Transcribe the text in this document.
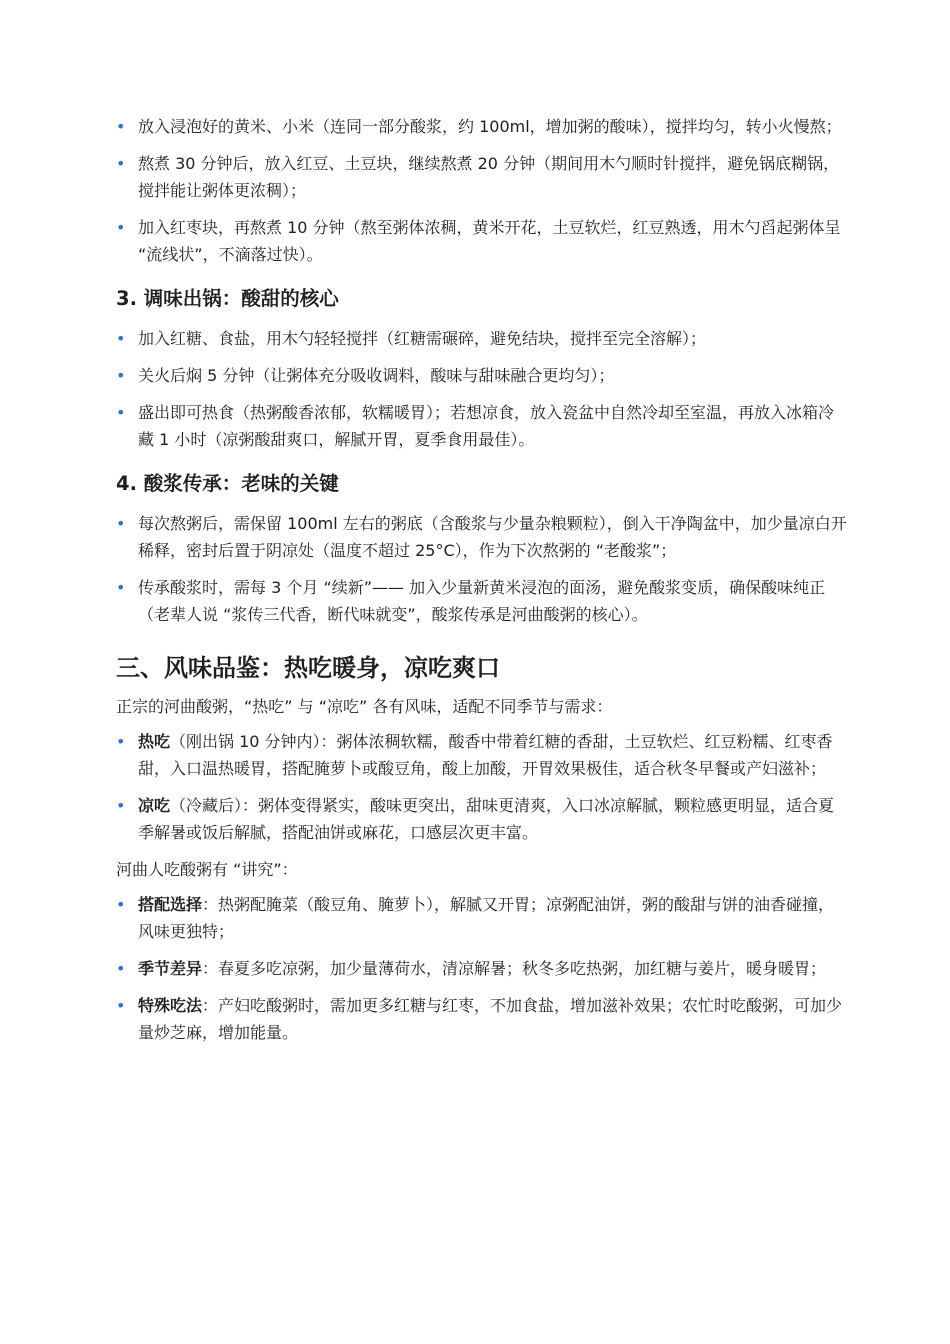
• 放入浸泡好的黄米、小米（连同一部分酸浆，约 100ml，增加粥的酸味），搅拌均匀，转小火慢熬；
• 熬煮 30 分钟后，放入红豆、土豆块，继续熬煮 20 分钟（期间用木勺顺时针搅拌，避免锅底糊锅，搅拌能让粥体更浓稠）；
• 加入红枣块，再熬煮 10 分钟（熬至粥体浓稠，黄米开花，土豆软烂，红豆熟透，用木勺舀起粥体呈 “流线状”，不滴落过快）。
3. 调味出锅：酸甜的核心
• 加入红糖、食盐，用木勺轻轻搅拌（红糖需碾碎，避免结块，搅拌至完全溶解）；
• 关火后焖 5 分钟（让粥体充分吸收调料，酸味与甜味融合更均匀）；
• 盛出即可热食（热粥酸香浓郁，软糯暖胃）；若想凉食，放入瓷盆中自然冷却至室温，再放入冰箱冷藏 1 小时（凉粥酸甜爽口，解腻开胃，夏季食用最佳）。
4. 酸浆传承：老味的关键
• 每次熬粥后，需保留 100ml 左右的粥底（含酸浆与少量杂粮颗粒），倒入干净陶盆中，加少量凉白开稀释，密封后置于阴凉处（温度不超过 25°C），作为下次熬粥的 “老酸浆”；
• 传承酸浆时，需每 3 个月 “续新”—— 加入少量新黄米浸泡的面汤，避免酸浆变质，确保酸味纯正（老辈人说 “浆传三代香，断代味就变”，酸浆传承是河曲酸粥的核心）。
三、风味品鉴：热吃暖身，凉吃爽口

正宗的河曲酸粥，“热吃” 与 “凉吃” 各有风味，适配不同季节与需求：

• 热吃（刚出锅 10 分钟内）：粥体浓稠软糯，酸香中带着红糖的香甜，土豆软烂、红豆粉糯、红枣香甜，入口温热暖胃，搭配腌萝卜或酸豆角，酸上加酸，开胃效果极佳，适合秋冬早餐或产妇滋补；
• 凉吃（冷藏后）：粥体变得紧实，酸味更突出，甜味更清爽，入口冰凉解腻，颗粒感更明显，适合夏季解暑或饭后解腻，搭配油饼或麻花，口感层次更丰富。

河曲人吃酸粥有 “讲究”：

• 搭配选择：热粥配腌菜（酸豆角、腌萝卜），解腻又开胃；凉粥配油饼，粥的酸甜与饼的油香碰撞，风味更独特；
• 季节差异：春夏多吃凉粥，加少量薄荷水，清凉解暑；秋冬多吃热粥，加红糖与姜片，暖身暖胃；
• 特殊吃法：产妇吃酸粥时，需加更多红糖与红枣，不加食盐，增加滋补效果；农忙时吃酸粥，可加少量炒芝麻，增加能量。
